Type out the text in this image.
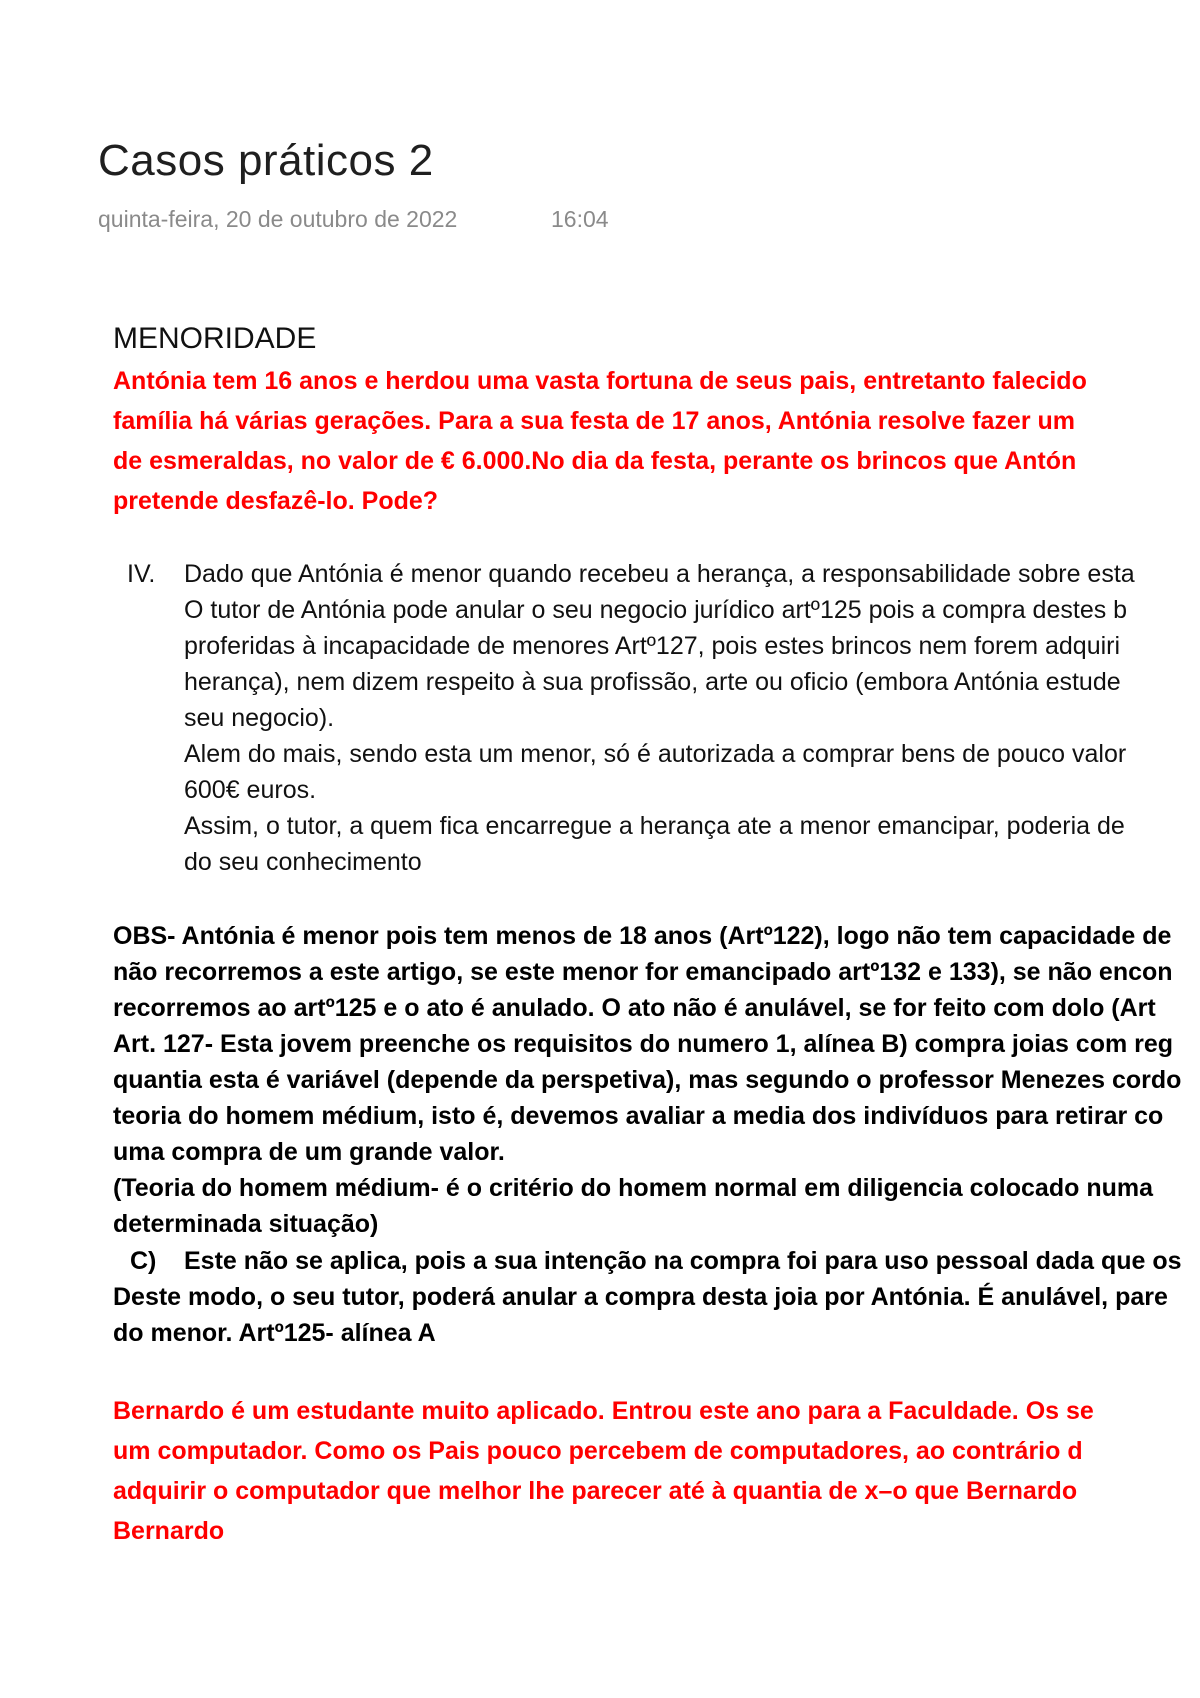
Casos práticos 2
quinta-feira, 20 de outubro de 2022	16:04
MENORIDADE
Antónia tem 16 anos e herdou uma vasta fortuna de seus pais, entretanto falecido
família há várias gerações. Para a sua festa de 17 anos, Antónia resolve fazer um
de esmeraldas, no valor de € 6.000.No dia da festa, perante os brincos que Antón
pretende desfazê-lo. Pode?
IV. Dado que Antónia é menor quando recebeu a herança, a responsabilidade sobre esta
O tutor de Antónia pode anular o seu negocio jurídico artº125 pois a compra destes b
proferidas à incapacidade de menores Artº127, pois estes brincos nem forem adquiri
herança), nem dizem respeito à sua profissão, arte ou oficio (embora Antónia estude
seu negocio).
Alem do mais, sendo esta um menor, só é autorizada a comprar bens de pouco valor
600€ euros.
Assim, o tutor, a quem fica encarregue a herança ate a menor emancipar, poderia de
do seu conhecimento
OBS- Antónia é menor pois tem menos de 18 anos (Artº122), logo não tem capacidade de
não recorremos a este artigo, se este menor for emancipado artº132 e 133), se não encon
recorremos ao artº125 e o ato é anulado. O ato não é anulável, se for feito com dolo (Art
Art. 127- Esta jovem preenche os requisitos do numero 1, alínea B) compra joias com reg
quantia esta é variável (depende da perspetiva), mas segundo o professor Menezes cordo
teoria do homem médium, isto é, devemos avaliar a media dos indivíduos para retirar co
uma compra de um grande valor.
(Teoria do homem médium- é o critério do homem normal em diligencia colocado numa
determinada situação)
C) Este não se aplica, pois a sua intenção na compra foi para uso pessoal dada que os
Deste modo, o seu tutor, poderá anular a compra desta joia por Antónia. É anulável, pare
do menor. Artº125- alínea A
Bernardo é um estudante muito aplicado. Entrou este ano para a Faculdade. Os se
um computador. Como os Pais pouco percebem de computadores, ao contrário d
adquirir o computador que melhor lhe parecer até à quantia de x–o que Bernardo
Bernardo
